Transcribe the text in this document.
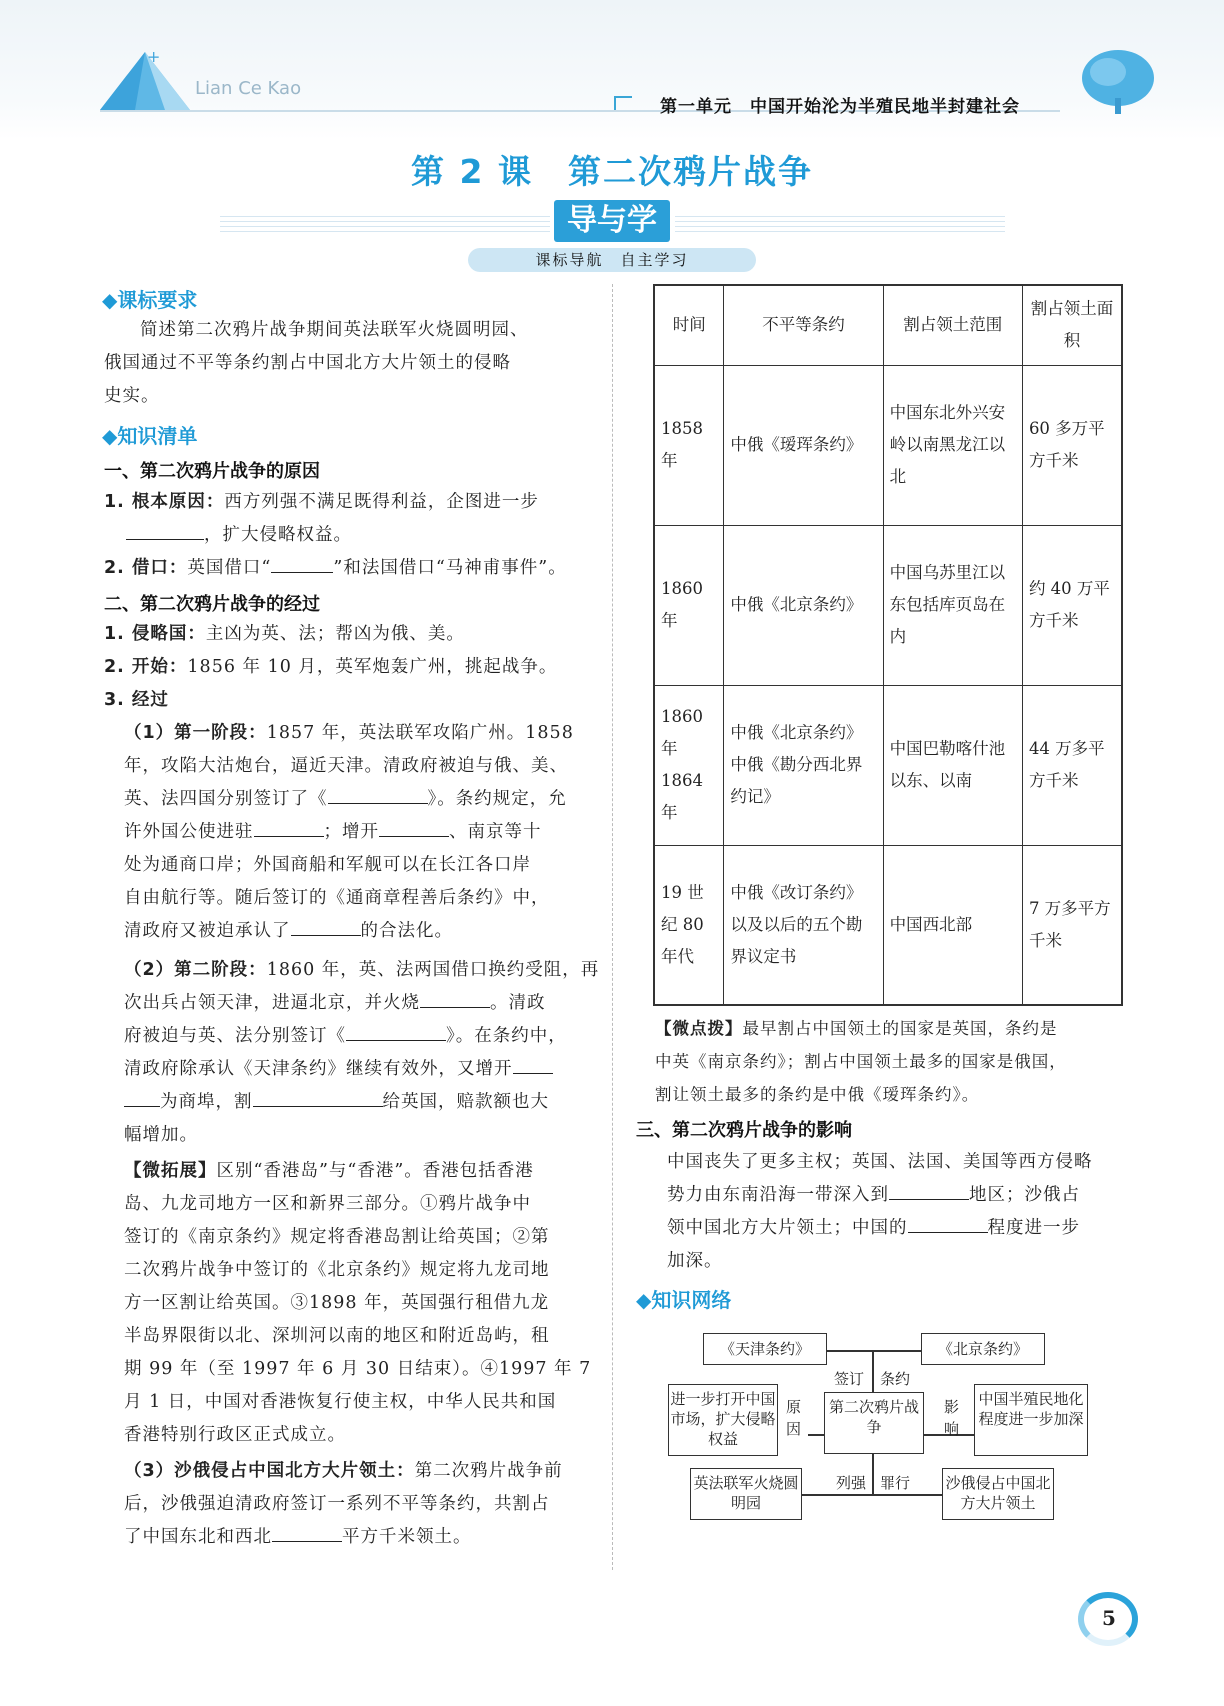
+
Lian Ce Kao
第一单元　中国开始沦为半殖民地半封建社会
第 2 课　第二次鸦片战争
导与学
课标导航　自主学习
◆课标要求
简述第二次鸦片战争期间英法联军火烧圆明园、
俄国通过不平等条约割占中国北方大片领土的侵略
史实。
◆知识清单
一、第二次鸦片战争的原因
1. 根本原因：西方列强不满足既得利益，企图进一步
，扩大侵略权益。
2. 借口：英国借口“	”和法国借口“马神甫事件”。
二、第二次鸦片战争的经过
1. 侵略国：主凶为英、法；帮凶为俄、美。
2. 开始：1856 年 10 月，英军炮轰广州，挑起战争。
3. 经过
（1）第一阶段：1857 年，英法联军攻陷广州。1858
年，攻陷大沽炮台，逼近天津。清政府被迫与俄、美、
英、法四国分别签订了《	》。条约规定，允
许外国公使进驻	；增开	、南京等十
处为通商口岸；外国商船和军舰可以在长江各口岸
自由航行等。随后签订的《通商章程善后条约》中，
清政府又被迫承认了	的合法化。
（2）第二阶段：1860 年，英、法两国借口换约受阻，再
次出兵占领天津，进逼北京，并火烧	。清政
府被迫与英、法分别签订《	》。在条约中，
清政府除承认《天津条约》继续有效外，又增开
为商埠，割	给英国，赔款额也大
幅增加。
【微拓展】区别“香港岛”与“香港”。香港包括香港
岛、九龙司地方一区和新界三部分。①鸦片战争中
签订的《南京条约》规定将香港岛割让给英国；②第
二次鸦片战争中签订的《北京条约》规定将九龙司地
方一区割让给英国。③1898 年，英国强行租借九龙
半岛界限街以北、深圳河以南的地区和附近岛屿，租
期 99 年（至 1997 年 6 月 30 日结束）。④1997 年 7
月 1 日，中国对香港恢复行使主权，中华人民共和国
香港特别行政区正式成立。
（3）沙俄侵占中国北方大片领土：第二次鸦片战争前
后，沙俄强迫清政府签订一系列不平等条约，共割占
了中国东北和西北	平方千米领土。
时间	不平等条约	割占领土范围	割占领土面积
1858 年	中俄《瑷珲条约》	中国东北外兴安岭以南黑龙江以北	60 多万平方千米
1860 年	中俄《北京条约》	中国乌苏里江以东包括库页岛在内	约 40 万平方千米
1860 年 1864 年	中俄《北京条约》中俄《勘分西北界约记》	中国巴勒喀什池以东、以南	44 万多平方千米
19 世纪 80 年代	中俄《改订条约》以及以后的五个勘界议定书	中国西北部	7 万多平方千米
【微点拨】最早割占中国领土的国家是英国，条约是
中英《南京条约》；割占中国领土最多的国家是俄国，
割让领土最多的条约是中俄《瑷珲条约》。
三、第二次鸦片战争的影响
中国丧失了更多主权；英国、法国、美国等西方侵略
势力由东南沿海一带深入到	地区；沙俄占
领中国北方大片领土；中国的	程度进一步
加深。
◆知识网络
《天津条约》	《北京条约》
签订 条约
进一步打开中国市场，扩大侵略权益
原因
第二次鸦片战争
影响
中国半殖民地化程度进一步加深
列强 罪行
英法联军火烧圆明园
沙俄侵占中国北方大片领土
5
